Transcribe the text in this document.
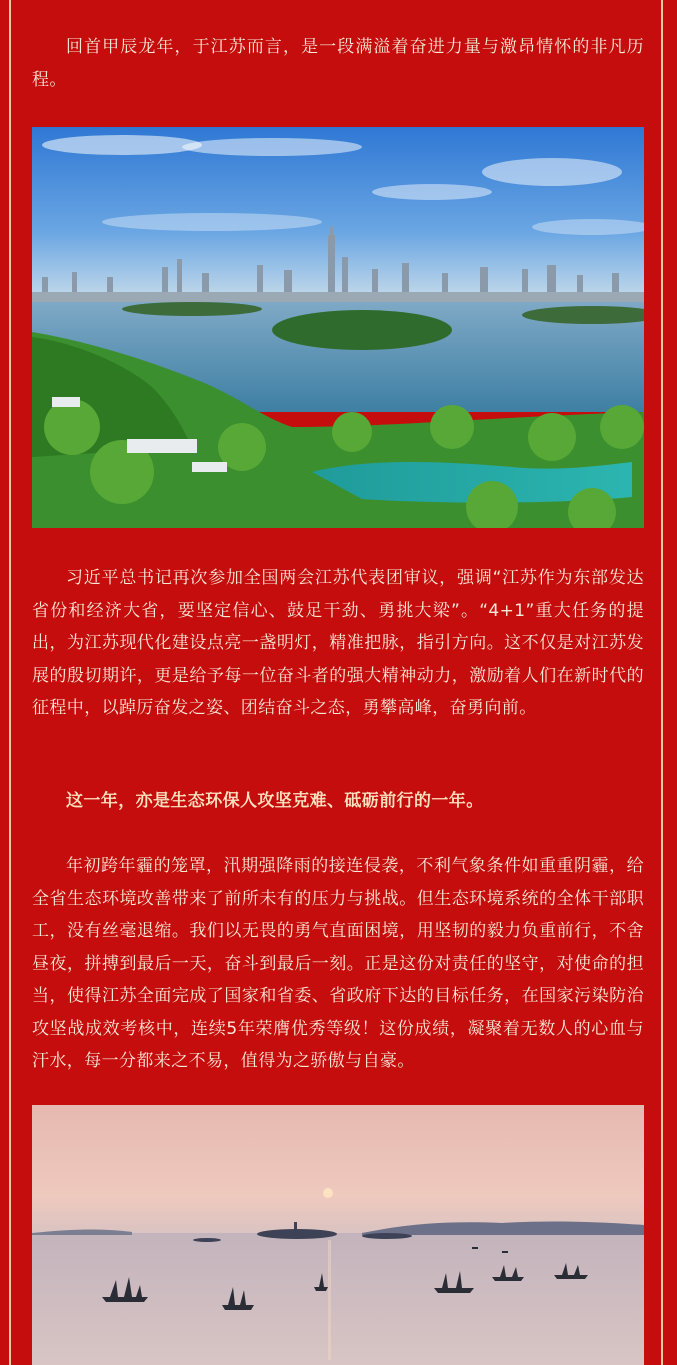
回首甲辰龙年，于江苏而言，是一段满溢着奋进力量与激昂情怀的非凡历程。

习近平总书记再次参加全国两会江苏代表团审议，强调“江苏作为东部发达省份和经济大省，要坚定信心、鼓足干劲、勇挑大梁”。“4+1”重大任务的提出，为江苏现代化建设点亮一盏明灯，精准把脉，指引方向。这不仅是对江苏发展的殷切期许，更是给予每一位奋斗者的强大精神动力，激励着人们在新时代的征程中，以踔厉奋发之姿、团结奋斗之态，勇攀高峰，奋勇向前。

这一年，亦是生态环保人攻坚克难、砥砺前行的一年。

年初跨年霾的笼罩，汛期强降雨的接连侵袭，不利气象条件如重重阴霾，给全省生态环境改善带来了前所未有的压力与挑战。但生态环境系统的全体干部职工，没有丝毫退缩。我们以无畏的勇气直面困境，用坚韧的毅力负重前行，不舍昼夜，拼搏到最后一天，奋斗到最后一刻。正是这份对责任的坚守，对使命的担当，使得江苏全面完成了国家和省委、省政府下达的目标任务，在国家污染防治攻坚战成效考核中，连续5年荣膺优秀等级！这份成绩，凝聚着无数人的心血与汗水，每一分都来之不易，值得为之骄傲与自豪。
